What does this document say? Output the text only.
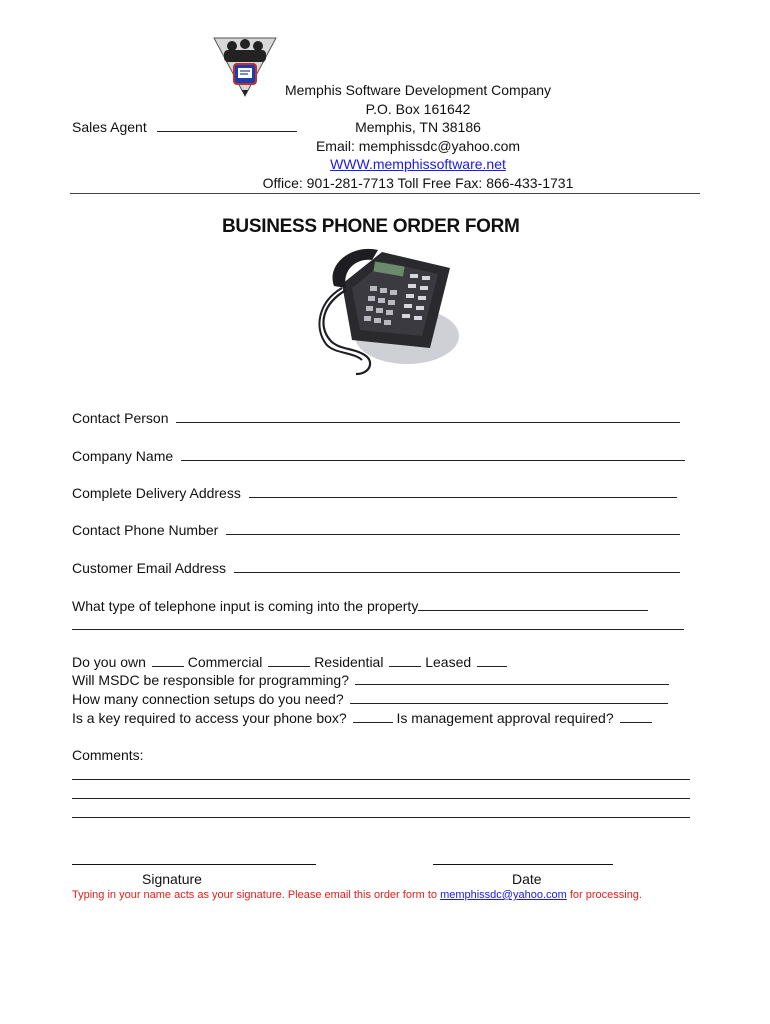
Memphis Software Development Company
P.O. Box 161642
Memphis, TN 38186
Email: memphissdc@yahoo.com
WWW.memphissoftware.net
Office: 901-281-7713 Toll Free Fax: 866-433-1731
Sales Agent
BUSINESS PHONE ORDER FORM
Contact Person
Company Name
Complete Delivery Address
Contact Phone Number
Customer Email Address
What type of telephone input is coming into the property
Do you own	Commercial	Residential	Leased
Will MSDC be responsible for programming?
How many connection setups do you need?
Is a key required to access your phone box?	Is management approval required?
Comments:
Signature	Date
Typing in your name acts as your signature. Please email this order form to memphissdc@yahoo.com for processing.
